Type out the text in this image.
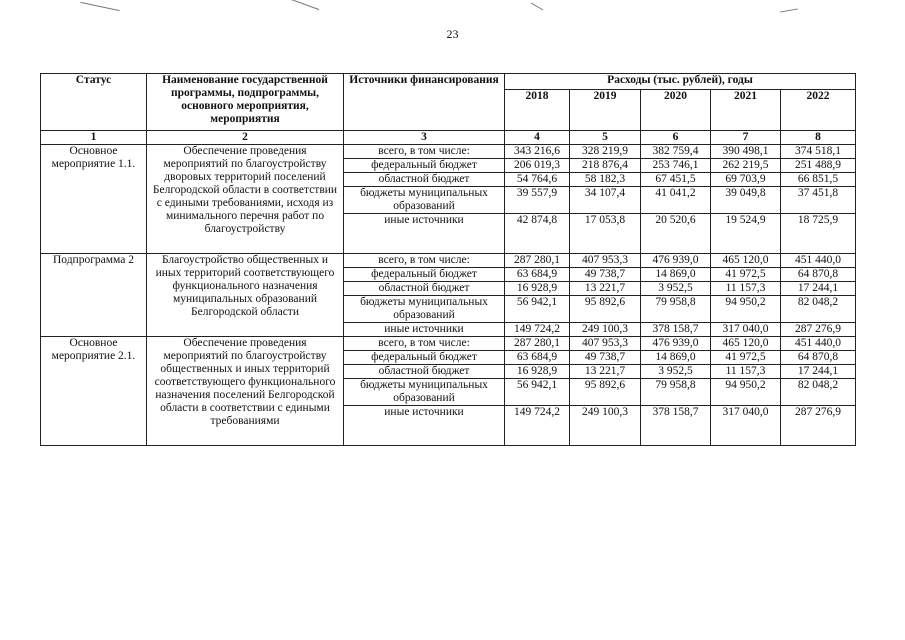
23
Статус	Наименование государственной программы, подпрограммы, основного мероприятия, мероприятия	Источники финансирования	Расходы (тыс. рублей), годы				
			2018	2019	2020	2021	2022
1	2	3	4	5	6	7	8
Основное мероприятие 1.1.	Обеспечение проведения мероприятий по благоустройству дворовых территорий поселений Белгородской области в соответствии с едиными требованиями, исходя из минимального перечня работ по благоустройству	всего, в том числе:	343 216,6	328 219,9	382 759,4	390 498,1	374 518,1
		федеральный бюджет	206 019,3	218 876,4	253 746,1	262 219,5	251 488,9
		областной бюджет	54 764,6	58 182,3	67 451,5	69 703,9	66 851,5
		бюджеты муниципальных образований	39 557,9	34 107,4	41 041,2	39 049,8	37 451,8
		иные источники	42 874,8	17 053,8	20 520,6	19 524,9	18 725,9
Подпрограмма 2	Благоустройство общественных и иных территорий соответствующего функционального назначения муниципальных образований Белгородской области	всего, в том числе:	287 280,1	407 953,3	476 939,0	465 120,0	451 440,0
		федеральный бюджет	63 684,9	49 738,7	14 869,0	41 972,5	64 870,8
		областной бюджет	16 928,9	13 221,7	3 952,5	11 157,3	17 244,1
		бюджеты муниципальных образований	56 942,1	95 892,6	79 958,8	94 950,2	82 048,2
		иные источники	149 724,2	249 100,3	378 158,7	317 040,0	287 276,9
Основное мероприятие 2.1.	Обеспечение проведения мероприятий по благоустройству общественных и иных территорий соответствующего функционального назначения поселений Белгородской области в соответствии с едиными требованиями	всего, в том числе:	287 280,1	407 953,3	476 939,0	465 120,0	451 440,0
		федеральный бюджет	63 684,9	49 738,7	14 869,0	41 972,5	64 870,8
		областной бюджет	16 928,9	13 221,7	3 952,5	11 157,3	17 244,1
		бюджеты муниципальных образований	56 942,1	95 892,6	79 958,8	94 950,2	82 048,2
		иные источники	149 724,2	249 100,3	378 158,7	317 040,0	287 276,9
